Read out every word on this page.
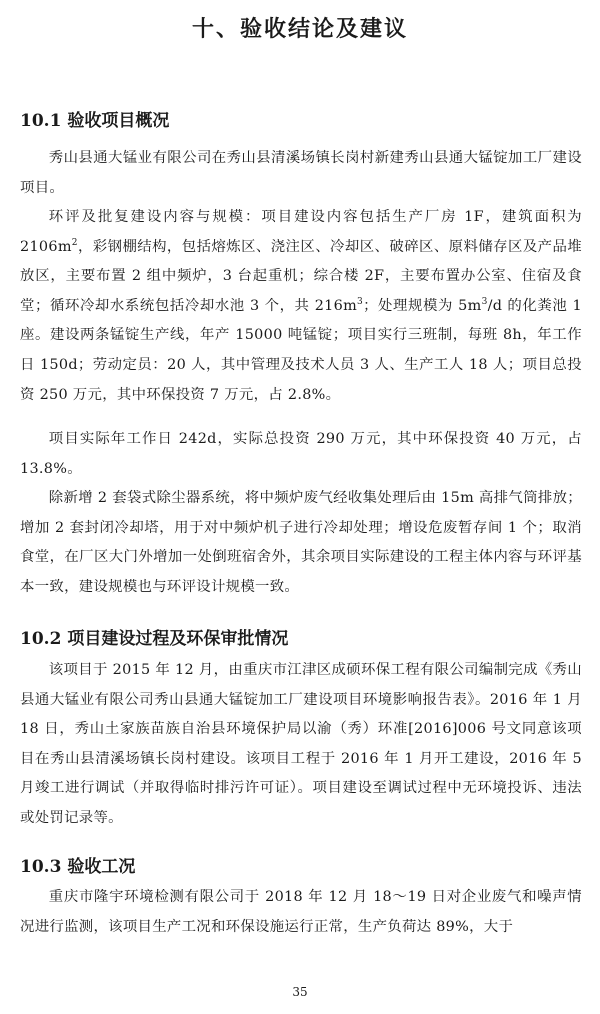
十、验收结论及建议
10.1 验收项目概况

秀山县通大锰业有限公司在秀山县清溪场镇长岗村新建秀山县通大锰锭加工厂建设项目。

环评及批复建设内容与规模：项目建设内容包括生产厂房 1F，建筑面积为 $2106m^2$，彩钢棚结构，包括熔炼区、浇注区、冷却区、破碎区、原料储存区及产品堆放区，主要布置 2 组中频炉，3 台起重机；综合楼 2F，主要布置办公室、住宿及食堂；循环冷却水系统包括冷却水池 3 个，共 $216m^3$；处理规模为 $5m^3/d$ 的化粪池 1 座。建设两条锰锭生产线，年产 15000 吨锰锭；项目实行三班制，每班 8h，年工作日 150d；劳动定员：20 人，其中管理及技术人员 3 人、生产工人 18 人；项目总投资 250 万元，其中环保投资 7 万元，占 2.8%。

项目实际年工作日 242d，实际总投资 290 万元，其中环保投资 40 万元，占 13.8%。

除新增 2 套袋式除尘器系统，将中频炉废气经收集处理后由 15m 高排气筒排放；增加 2 套封闭冷却塔，用于对中频炉机子进行冷却处理；增设危废暂存间 1 个；取消食堂，在厂区大门外增加一处倒班宿舍外，其余项目实际建设的工程主体内容与环评基本一致，建设规模也与环评设计规模一致。

10.2 项目建设过程及环保审批情况

该项目于 2015 年 12 月，由重庆市江津区成硕环保工程有限公司编制完成《秀山县通大锰业有限公司秀山县通大锰锭加工厂建设项目环境影响报告表》。2016 年 1 月 18 日，秀山土家族苗族自治县环境保护局以渝（秀）环准[2016]006 号文同意该项目在秀山县清溪场镇长岗村建设。该项目工程于 2016 年 1 月开工建设，2016 年 5 月竣工进行调试（并取得临时排污许可证）。项目建设至调试过程中无环境投诉、违法或处罚记录等。

10.3 验收工况

重庆市隆宇环境检测有限公司于 2018 年 12 月 18～19 日对企业废气和噪声情况进行监测，该项目生产工况和环保设施运行正常，生产负荷达 89%，大于

35
